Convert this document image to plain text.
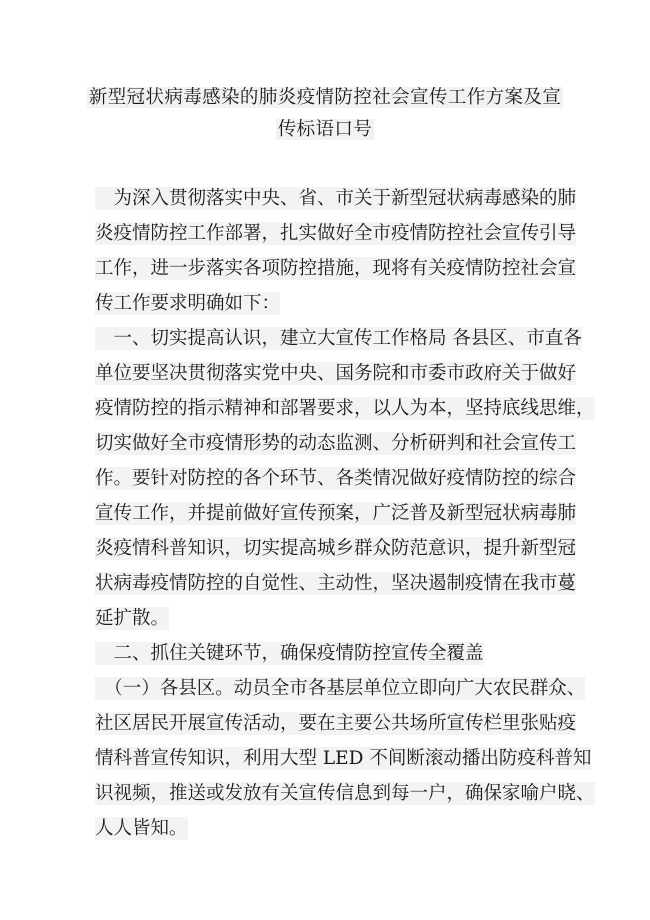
新型冠状病毒感染的肺炎疫情防控社会宣传工作方案及宣
传标语口号
　为深入贯彻落实中央、省、市关于新型冠状病毒感染的肺
炎疫情防控工作部署，扎实做好全市疫情防控社会宣传引导
工作，进一步落实各项防控措施，现将有关疫情防控社会宣
传工作要求明确如下：
　一、切实提高认识，建立大宣传工作格局 各县区、市直各
单位要坚决贯彻落实党中央、国务院和市委市政府关于做好
疫情防控的指示精神和部署要求，以人为本，坚持底线思维，
切实做好全市疫情形势的动态监测、分析研判和社会宣传工
作。要针对防控的各个环节、各类情况做好疫情防控的综合
宣传工作，并提前做好宣传预案，广泛普及新型冠状病毒肺
炎疫情科普知识，切实提高城乡群众防范意识，提升新型冠
状病毒疫情防控的自觉性、主动性，坚决遏制疫情在我市蔓
延扩散。
　二、抓住关键环节，确保疫情防控宣传全覆盖
　（一）各县区。动员全市各基层单位立即向广大农民群众、
社区居民开展宣传活动，要在主要公共场所宣传栏里张贴疫
情科普宣传知识，利用大型 LED 不间断滚动播出防疫科普知
识视频，推送或发放有关宣传信息到每一户，确保家喻户晓、
人人皆知。
